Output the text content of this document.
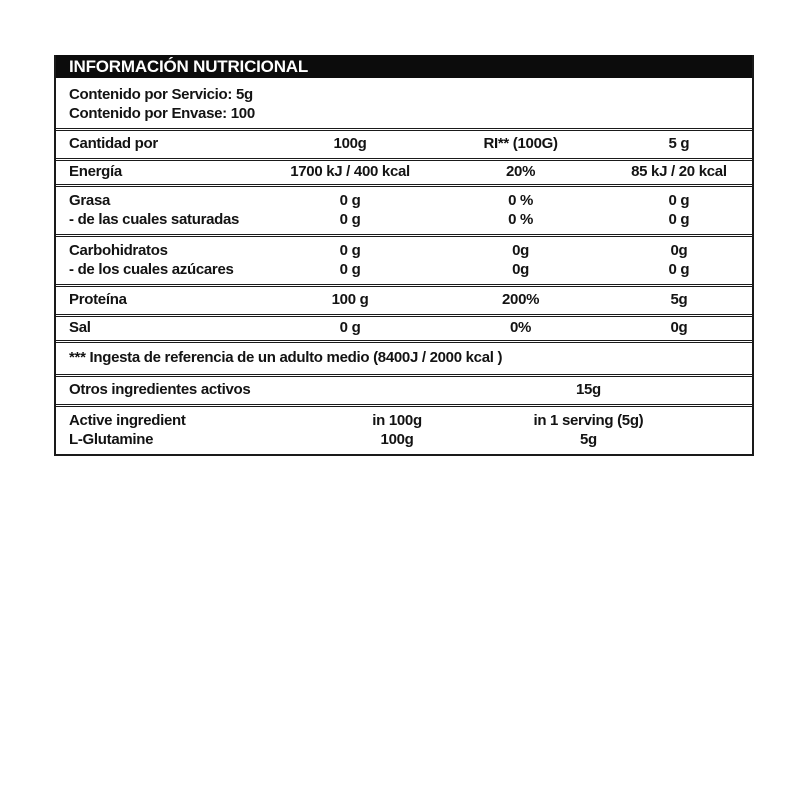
INFORMACIÓN NUTRICIONAL
Contenido por Servicio: 5g
Contenido por Envase: 100
Cantidad por	100g	RI** (100G)	5 g
Energía	1700 kJ / 400 kcal	20%	85 kJ / 20 kcal
Grasa	0 g	0 %	0 g
- de las cuales saturadas	0 g	0 %	0 g
Carbohidratos	0 g	0g	0g
- de los cuales azúcares	0 g	0g	0 g
Proteína	100 g	200%	5g
Sal	0 g	0%	0g
*** Ingesta de referencia de un adulto medio (8400J / 2000 kcal )
Otros ingredientes activos	15g
Active ingredient	in 100g	in 1 serving (5g)
L-Glutamine	100g	5g
